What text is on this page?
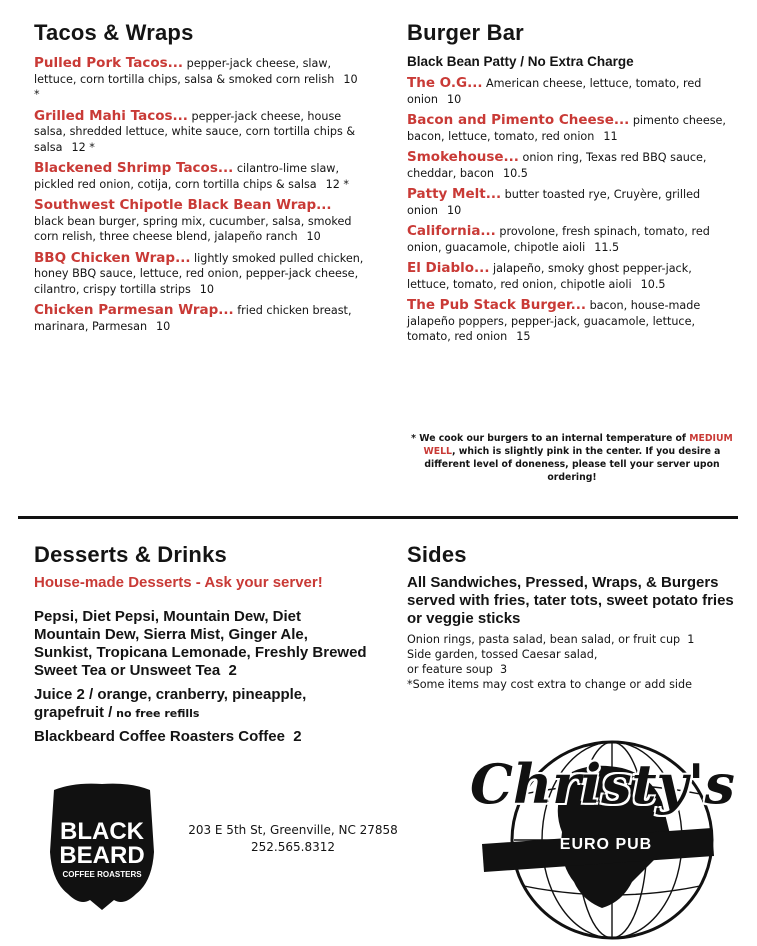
Tacos & Wraps
Pulled Pork Tacos... pepper-jack cheese, slaw, lettuce, corn tortilla chips, salsa & smoked corn relish 10 *
Grilled Mahi Tacos... pepper-jack cheese, house salsa, shredded lettuce, white sauce, corn tortilla chips & salsa 12 *
Blackened Shrimp Tacos... cilantro-lime slaw, pickled red onion, cotija, corn tortilla chips & salsa 12 *
Southwest Chipotle Black Bean Wrap... black bean burger, spring mix, cucumber, salsa, smoked corn relish, three cheese blend, jalapeño ranch 10
BBQ Chicken Wrap... lightly smoked pulled chicken, honey BBQ sauce, lettuce, red onion, pepper-jack cheese, cilantro, crispy tortilla strips 10
Chicken Parmesan Wrap... fried chicken breast, marinara, Parmesan 10
Burger Bar
Black Bean Patty / No Extra Charge
The O.G... American cheese, lettuce, tomato, red onion 10
Bacon and Pimento Cheese... pimento cheese, bacon, lettuce, tomato, red onion 11
Smokehouse... onion ring, Texas red BBQ sauce, cheddar, bacon 10.5
Patty Melt... butter toasted rye, Cruyère, grilled onion 10
California... provolone, fresh spinach, tomato, red onion, guacamole, chipotle aioli 11.5
El Diablo... jalapeño, smoky ghost pepper-jack, lettuce, tomato, red onion, chipotle aioli 10.5
The Pub Stack Burger... bacon, house-made jalapeño poppers, pepper-jack, guacamole, lettuce, tomato, red onion 15
* We cook our burgers to an internal temperature of MEDIUM WELL, which is slightly pink in the center. If you desire a different level of doneness, please tell your server upon ordering!
Desserts & Drinks
House-made Desserts - Ask your server!
Pepsi, Diet Pepsi, Mountain Dew, Diet Mountain Dew, Sierra Mist, Ginger Ale, Sunkist, Tropicana Lemonade, Freshly Brewed Sweet Tea or Unsweet Tea 2
Juice 2 / orange, cranberry, pineapple, grapefruit / no free refills
Blackbeard Coffee Roasters Coffee 2
Sides
All Sandwiches, Pressed, Wraps, & Burgers served with fries, tater tots, sweet potato fries or veggie sticks
Onion rings, pasta salad, bean salad, or fruit cup 1
Side garden, tossed Caesar salad,
or feature soup 3
*Some items may cost extra to change or add side
BLACK
BEARD
COFFEE ROASTERS
203 E 5th St, Greenville, NC 27858
252.565.8312
Christy's
EURO PUB
